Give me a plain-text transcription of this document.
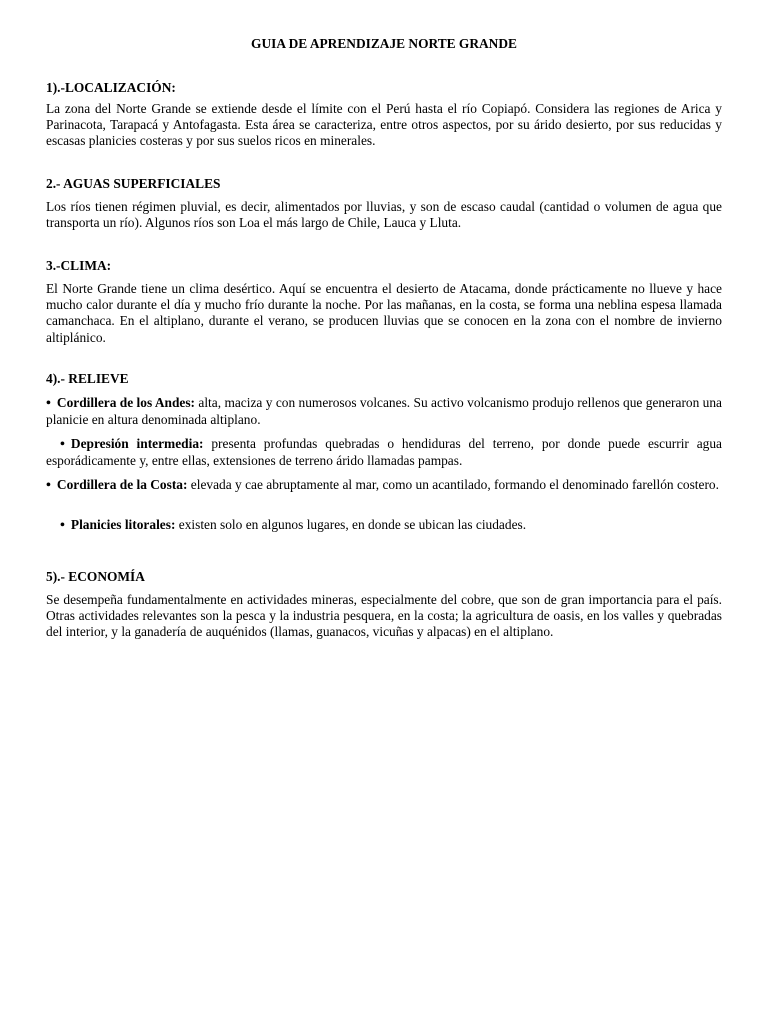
GUIA DE APRENDIZAJE NORTE GRANDE
1).-LOCALIZACIÓN:
La zona del Norte Grande se extiende desde el límite con el Perú hasta el río Copiapó. Considera las regiones de Arica y Parinacota, Tarapacá y Antofagasta. Esta área se caracteriza, entre otros aspectos, por su árido desierto, por sus reducidas y escasas planicies costeras y por sus suelos ricos en minerales.
2.- AGUAS SUPERFICIALES
Los ríos tienen régimen pluvial, es decir, alimentados por lluvias, y son de escaso caudal (cantidad o volumen de agua que transporta un río). Algunos ríos son Loa el más largo de Chile, Lauca y Lluta.
3.-CLIMA:
El Norte Grande tiene un clima desértico. Aquí se encuentra el desierto de Atacama, donde prácticamente no llueve y hace mucho calor durante el día y mucho frío durante la noche. Por las mañanas, en la costa, se forma una neblina espesa llamada camanchaca. En el altiplano, durante el verano, se producen lluvias que se conocen en la zona con el nombre de invierno altiplánico.
4).- RELIEVE
• Cordillera de los Andes: alta, maciza y con numerosos volcanes. Su activo volcanismo produjo rellenos que generaron una planicie en altura denominada altiplano.
• Depresión intermedia: presenta profundas quebradas o hendiduras del terreno, por donde puede escurrir agua esporádicamente y, entre ellas, extensiones de terreno árido llamadas pampas.
• Cordillera de la Costa: elevada y cae abruptamente al mar, como un acantilado, formando el denominado farellón costero.
• Planicies litorales: existen solo en algunos lugares, en donde se ubican las ciudades.
5).- ECONOMÍA
Se desempeña fundamentalmente en actividades mineras, especialmente del cobre, que son de gran importancia para el país. Otras actividades relevantes son la pesca y la industria pesquera, en la costa; la agricultura de oasis, en los valles y quebradas del interior, y la ganadería de auquénidos (llamas, guanacos, vicuñas y alpacas) en el altiplano.
